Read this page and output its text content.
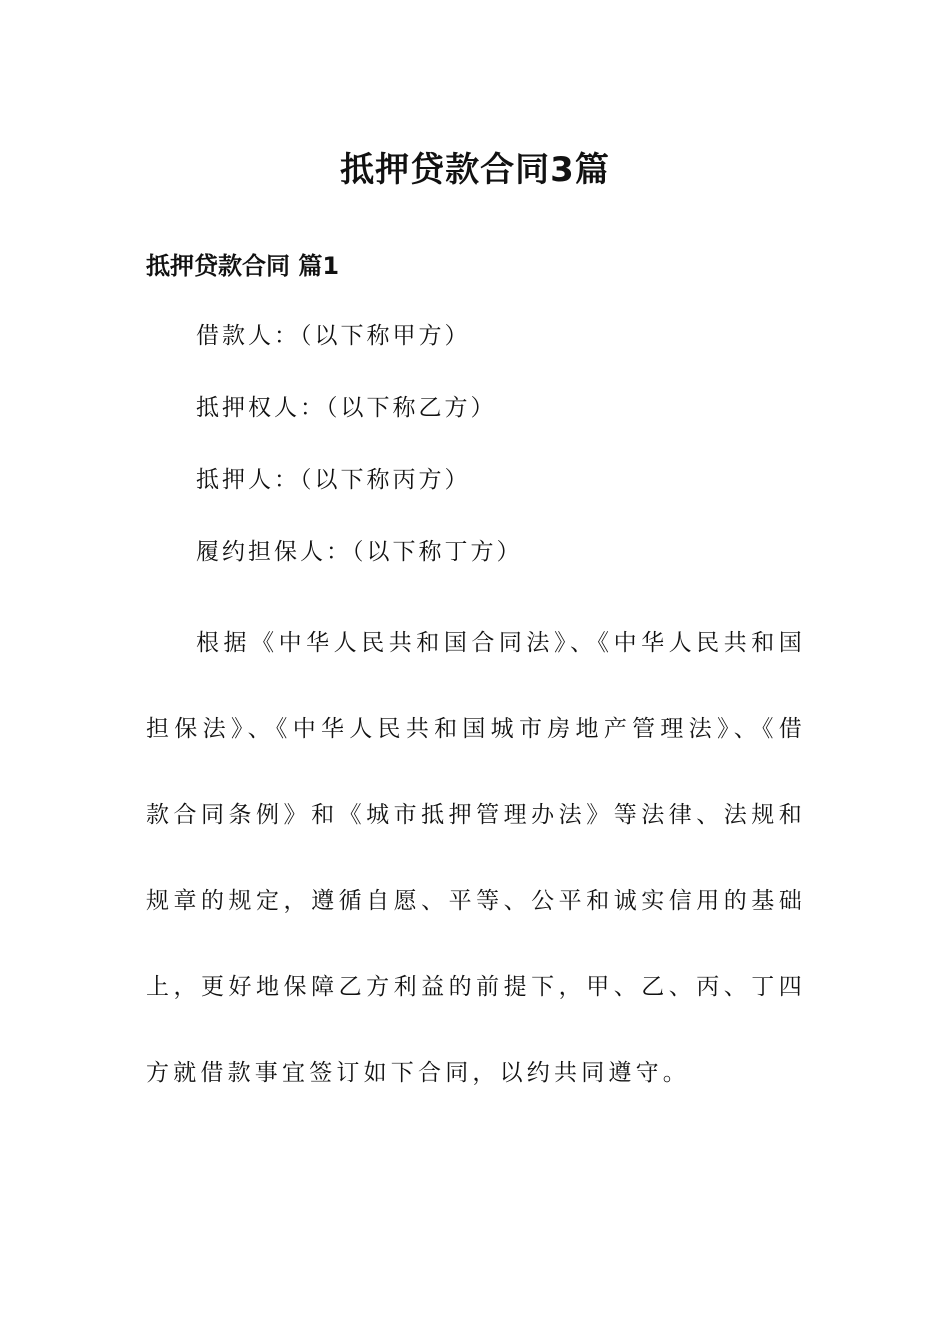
抵押贷款合同3篇
抵押贷款合同 篇1
借款人：（以下称甲方）
抵押权人：（以下称乙方）
抵押人：（以下称丙方）
履约担保人：（以下称丁方）

根据《中华人民共和国合同法》、《中华人民共和国担保法》、《中华人民共和国城市房地产管理法》、《借款合同条例》和《城市抵押管理办法》等法律、法规和规章的规定，遵循自愿、平等、公平和诚实信用的基础上，更好地保障乙方利益的前提下，甲、乙、丙、丁四方就借款事宜签订如下合同，以约共同遵守。
